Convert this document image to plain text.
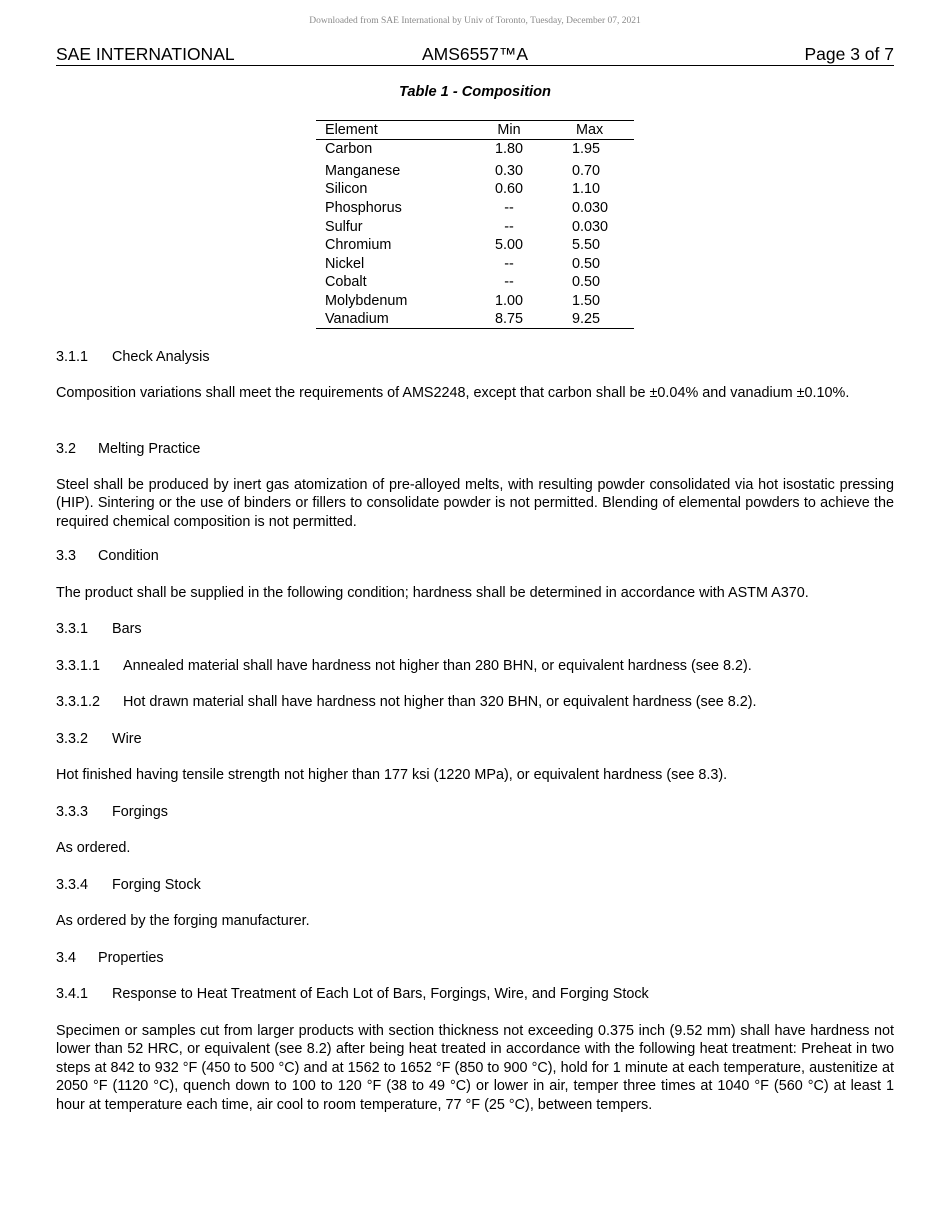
Downloaded from SAE International by Univ of Toronto, Tuesday, December 07, 2021
SAE INTERNATIONAL	AMS6557™A	Page 3 of 7
Table 1 - Composition
Element	Min	Max
Carbon	1.80	1.95
Manganese	0.30	0.70
Silicon	0.60	1.10
Phosphorus	--	0.030
Sulfur	--	0.030
Chromium	5.00	5.50
Nickel	--	0.50
Cobalt	--	0.50
Molybdenum	1.00	1.50
Vanadium	8.75	9.25
3.1.1 Check Analysis
Composition variations shall meet the requirements of AMS2248, except that carbon shall be ±0.04% and vanadium ±0.10%.
3.2 Melting Practice
Steel shall be produced by inert gas atomization of pre-alloyed melts, with resulting powder consolidated via hot isostatic pressing (HIP). Sintering or the use of binders or fillers to consolidate powder is not permitted. Blending of elemental powders to achieve the required chemical composition is not permitted.
3.3 Condition
The product shall be supplied in the following condition; hardness shall be determined in accordance with ASTM A370.
3.3.1 Bars
3.3.1.1 Annealed material shall have hardness not higher than 280 BHN, or equivalent hardness (see 8.2).
3.3.1.2 Hot drawn material shall have hardness not higher than 320 BHN, or equivalent hardness (see 8.2).
3.3.2 Wire
Hot finished having tensile strength not higher than 177 ksi (1220 MPa), or equivalent hardness (see 8.3).
3.3.3 Forgings
As ordered.
3.3.4 Forging Stock
As ordered by the forging manufacturer.
3.4 Properties
3.4.1 Response to Heat Treatment of Each Lot of Bars, Forgings, Wire, and Forging Stock
Specimen or samples cut from larger products with section thickness not exceeding 0.375 inch (9.52 mm) shall have hardness not lower than 52 HRC, or equivalent (see 8.2) after being heat treated in accordance with the following heat treatment: Preheat in two steps at 842 to 932 °F (450 to 500 °C) and at 1562 to 1652 °F (850 to 900 °C), hold for 1 minute at each temperature, austenitize at 2050 °F (1120 °C), quench down to 100 to 120 °F (38 to 49 °C) or lower in air, temper three times at 1040 °F (560 °C) at least 1 hour at temperature each time, air cool to room temperature, 77 °F (25 °C), between tempers.
